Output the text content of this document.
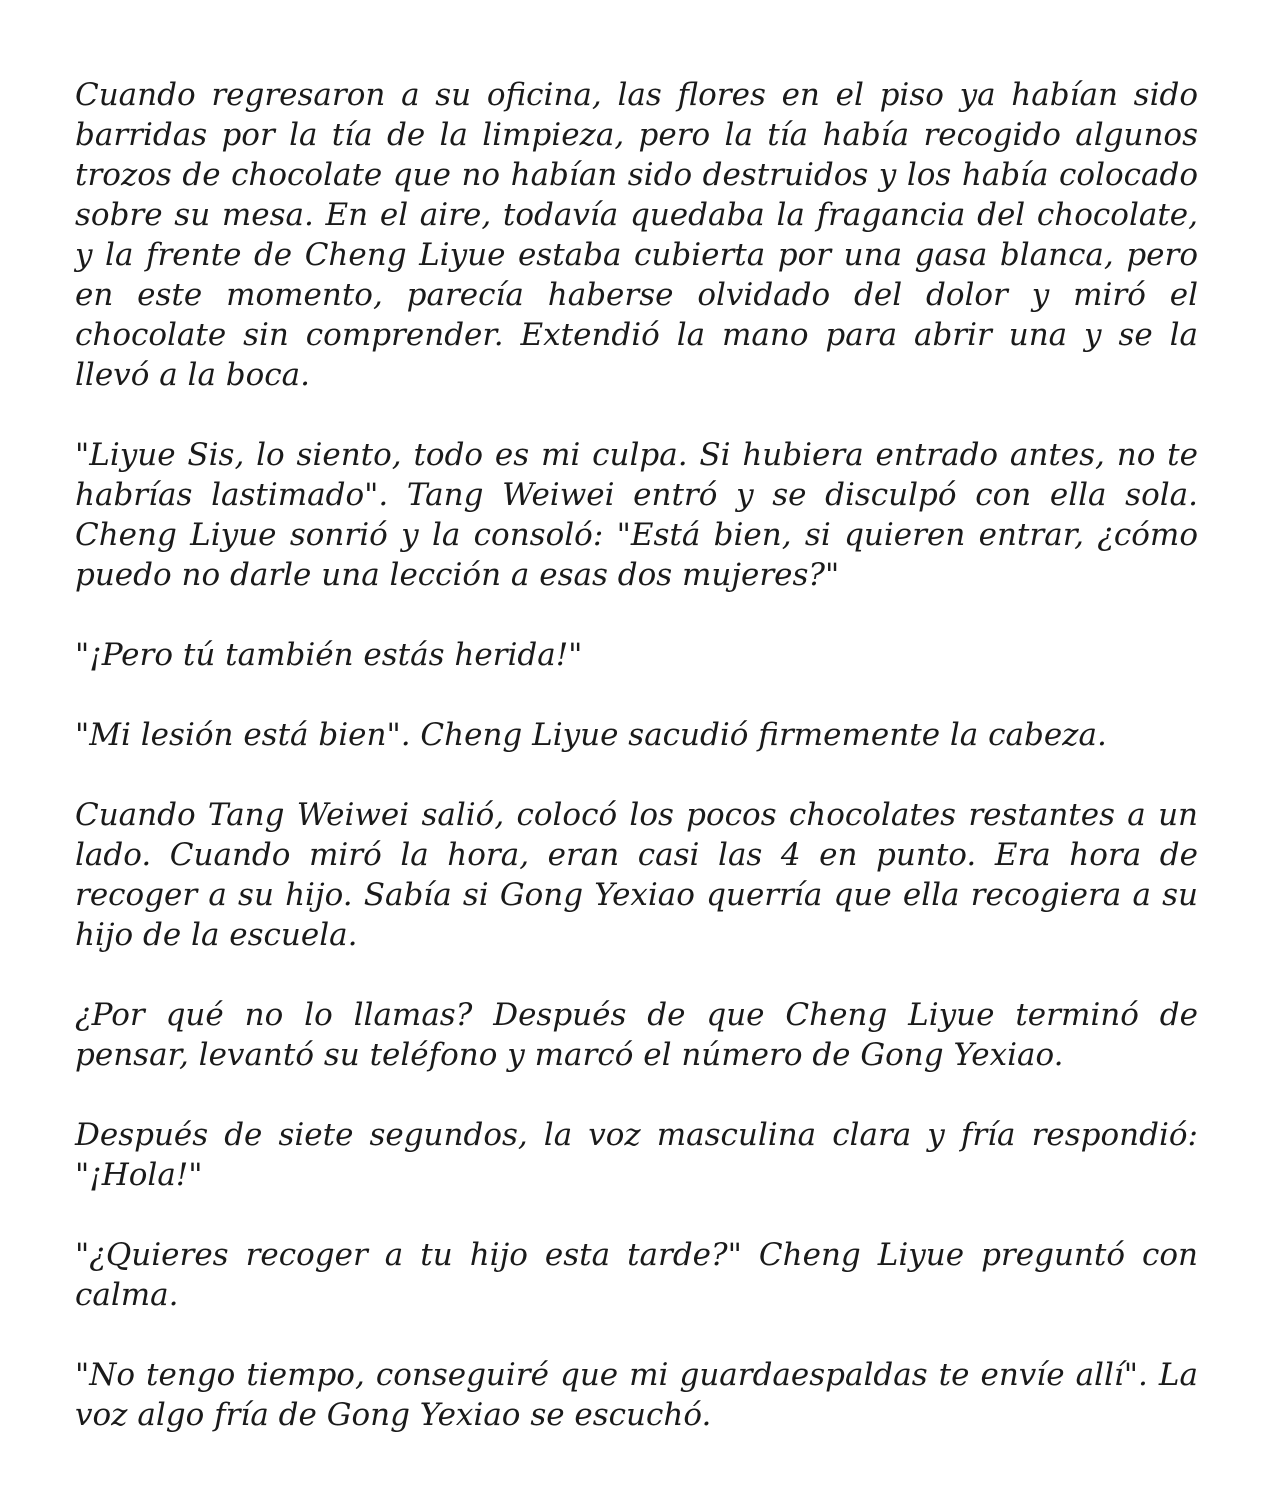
Cuando regresaron a su oficina, las flores en el piso ya habían sido barridas por la tía de la limpieza, pero la tía había recogido algunos trozos de chocolate que no habían sido destruidos y los había colocado sobre su mesa. En el aire, todavía quedaba la fragancia del chocolate, y la frente de Cheng Liyue estaba cubierta por una gasa blanca, pero en este momento, parecía haberse olvidado del dolor y miró el chocolate sin comprender. Extendió la mano para abrir una y se la llevó a la boca.

"Liyue Sis, lo siento, todo es mi culpa. Si hubiera entrado antes, no te habrías lastimado". Tang Weiwei entró y se disculpó con ella sola. Cheng Liyue sonrió y la consoló: "Está bien, si quieren entrar, ¿cómo puedo no darle una lección a esas dos mujeres?"

"¡Pero tú también estás herida!"

"Mi lesión está bien". Cheng Liyue sacudió firmemente la cabeza.

Cuando Tang Weiwei salió, colocó los pocos chocolates restantes a un lado. Cuando miró la hora, eran casi las 4 en punto. Era hora de recoger a su hijo. Sabía si Gong Yexiao querría que ella recogiera a su hijo de la escuela.

¿Por qué no lo llamas? Después de que Cheng Liyue terminó de pensar, levantó su teléfono y marcó el número de Gong Yexiao.

Después de siete segundos, la voz masculina clara y fría respondió: "¡Hola!"

"¿Quieres recoger a tu hijo esta tarde?" Cheng Liyue preguntó con calma.

"No tengo tiempo, conseguiré que mi guardaespaldas te envíe allí". La voz algo fría de Gong Yexiao se escuchó.
